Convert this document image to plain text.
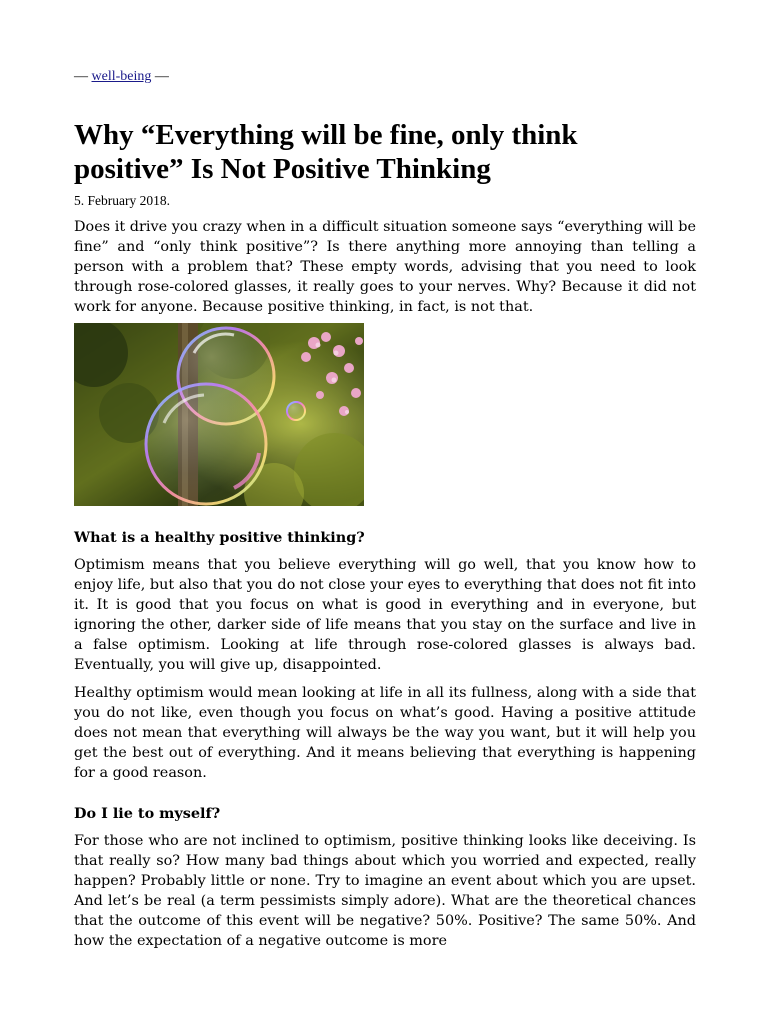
— well-being —
Why “Everything will be fine, only think positive” Is Not Positive Thinking
5. February 2018.

Does it drive you crazy when in a difficult situation someone says “everything will be fine” and “only think positive”? Is there anything more annoying than telling a person with a problem that? These empty words, advising that you need to look through rose-colored glasses, it really goes to your nerves. Why? Because it did not work for anyone. Because positive thinking, in fact, is not that.

What is a healthy positive thinking?

Optimism means that you believe everything will go well, that you know how to enjoy life, but also that you do not close your eyes to everything that does not fit into it. It is good that you focus on what is good in everything and in everyone, but ignoring the other, darker side of life means that you stay on the surface and live in a false optimism. Looking at life through rose-colored glasses is always bad. Eventually, you will give up, disappointed.

Healthy optimism would mean looking at life in all its fullness, along with a side that you do not like, even though you focus on what’s good. Having a positive attitude does not mean that everything will always be the way you want, but it will help you get the best out of everything. And it means believing that everything is happening for a good reason.

Do I lie to myself?

For those who are not inclined to optimism, positive thinking looks like deceiving. Is that really so? How many bad things about which you worried and expected, really happen? Probably little or none. Try to imagine an event about which you are upset. And let’s be real (a term pessimists simply adore). What are the theoretical chances that the outcome of this event will be negative? 50%. Positive? The same 50%. And how the expectation of a negative outcome is more
